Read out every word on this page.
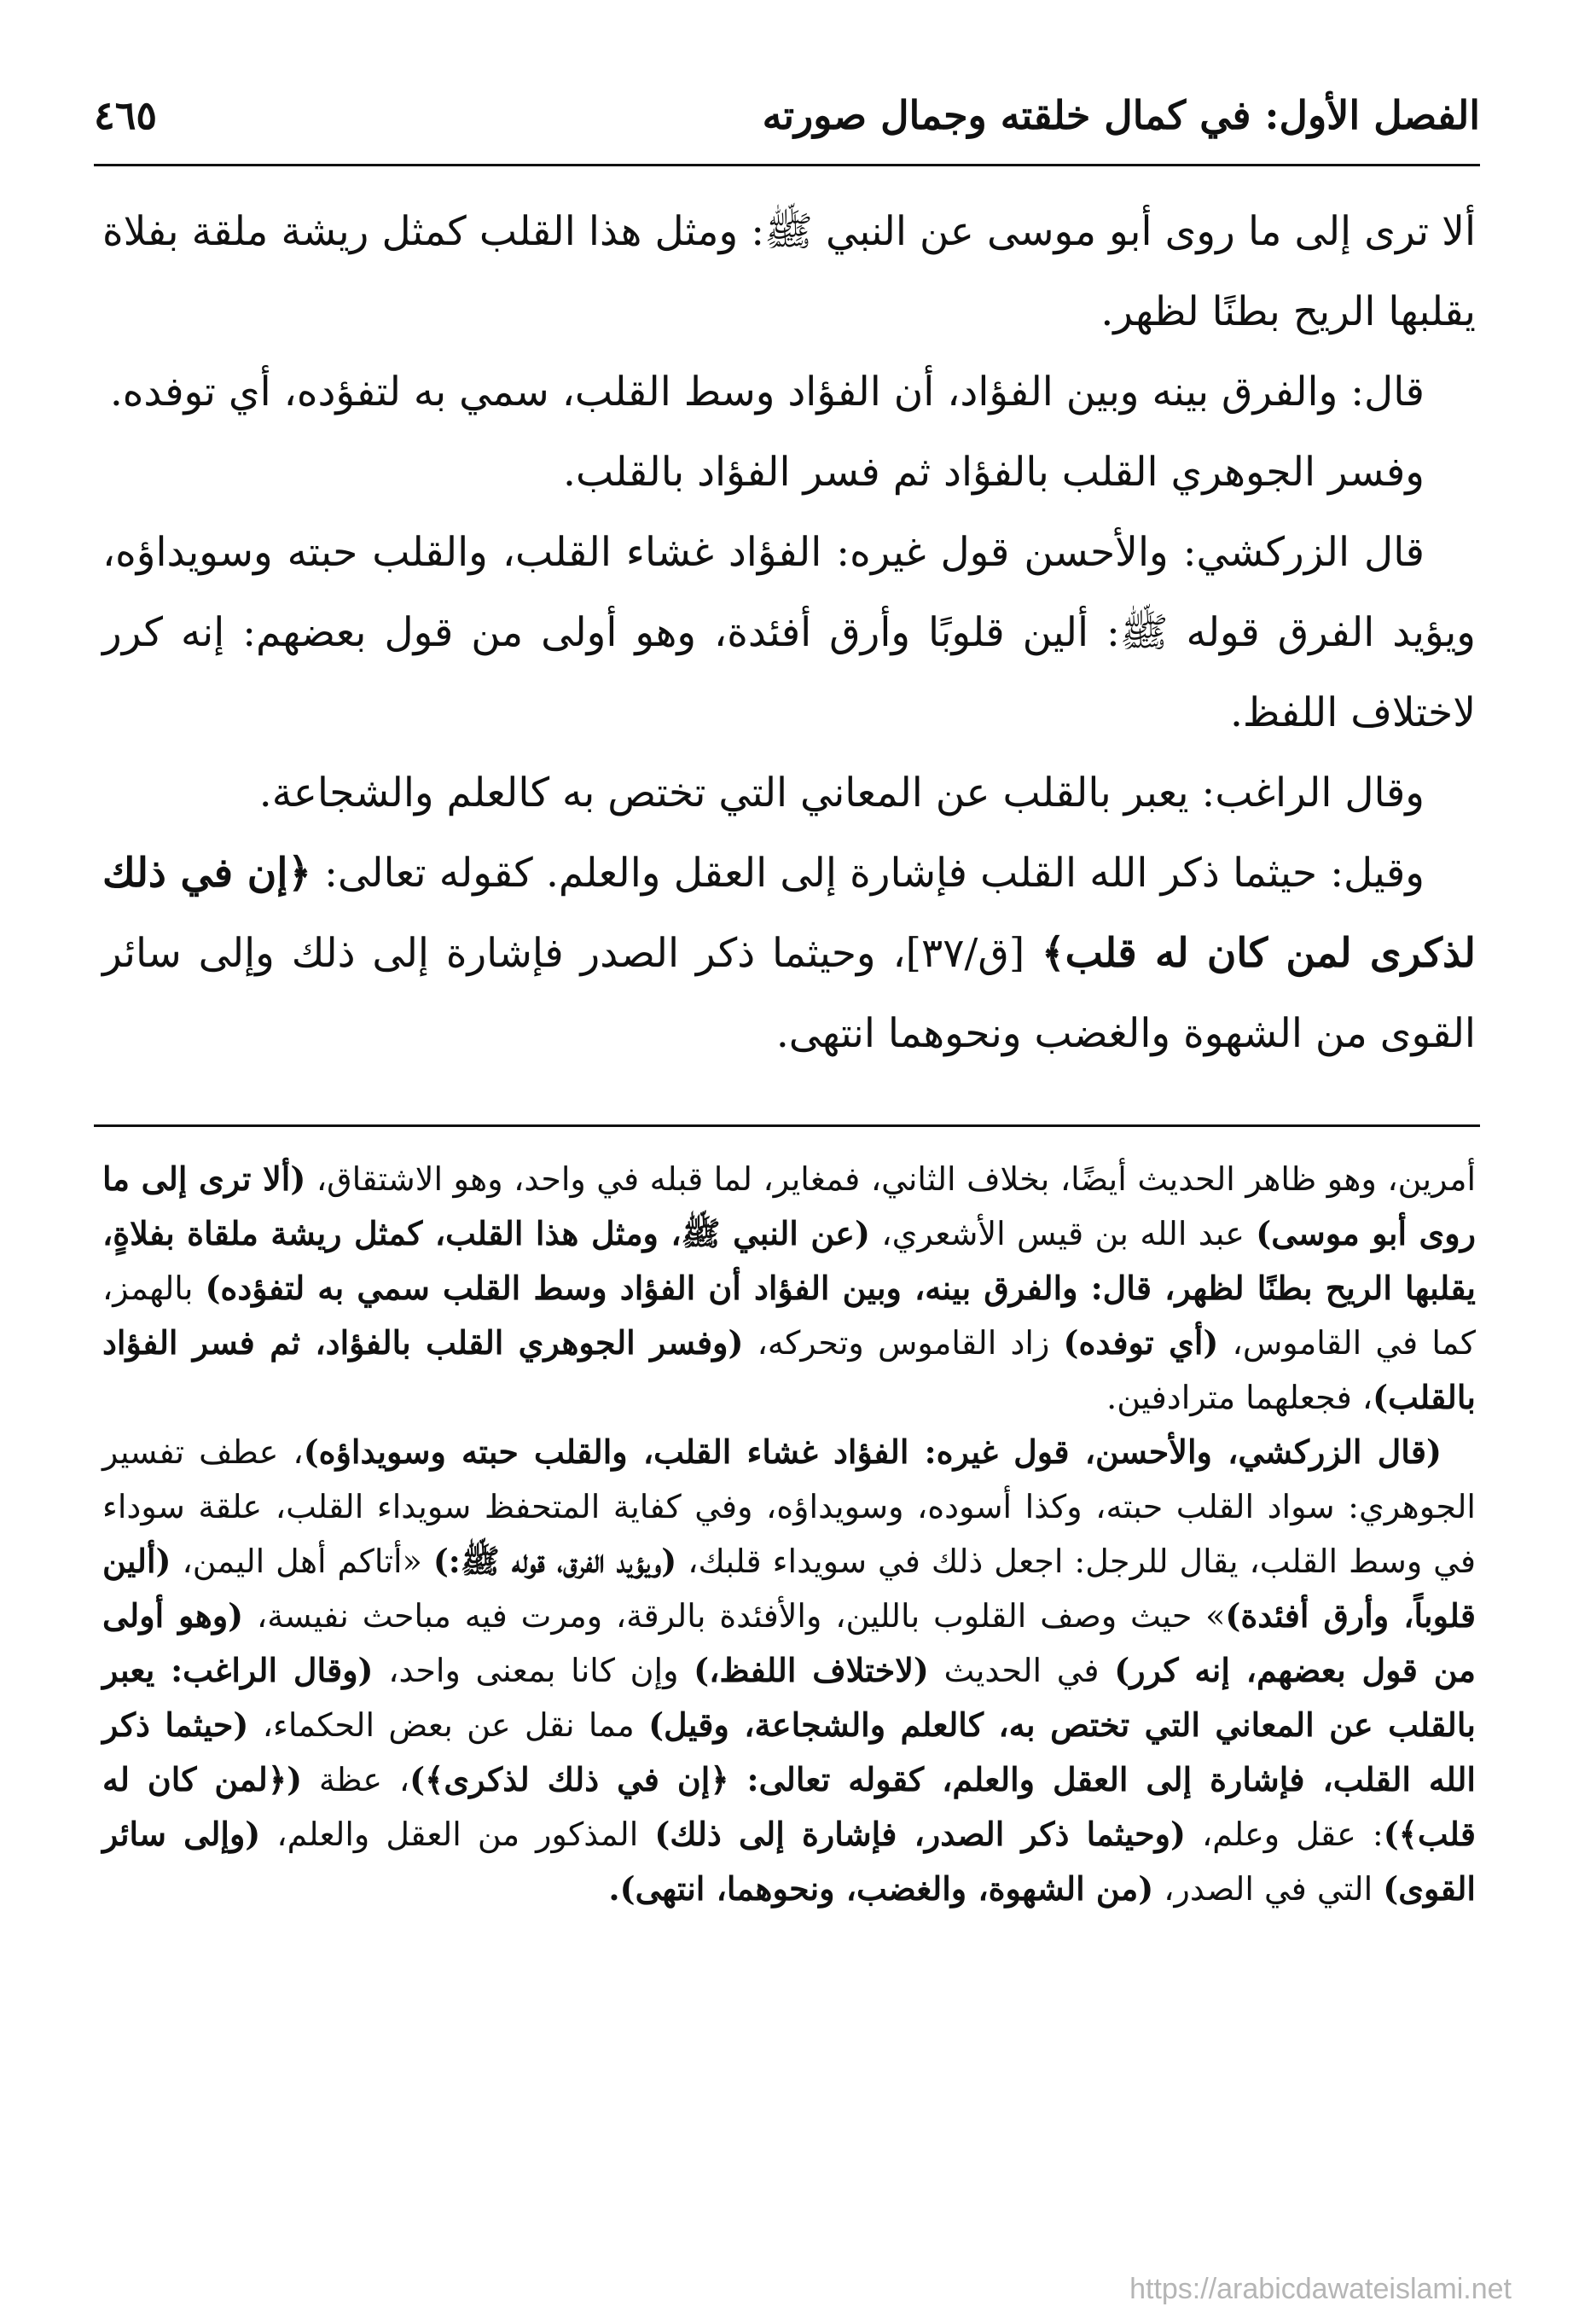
الفصل الأول: في كمال خلقته وجمال صورته
٤٦٥

ألا ترى إلى ما روى أبو موسى عن النبي ﷺ: ومثل هذا القلب كمثل ريشة ملقة بفلاة يقلبها الريح بطنًا لظهر.

قال: والفرق بينه وبين الفؤاد، أن الفؤاد وسط القلب، سمي به لتفؤده، أي توفده.

وفسر الجوهري القلب بالفؤاد ثم فسر الفؤاد بالقلب.

قال الزركشي: والأحسن قول غيره: الفؤاد غشاء القلب، والقلب حبته وسويداؤه، ويؤيد الفرق قوله ﷺ: ألين قلوبًا وأرق أفئدة، وهو أولى من قول بعضهم: إنه كرر لاختلاف اللفظ.

وقال الراغب: يعبر بالقلب عن المعاني التي تختص به كالعلم والشجاعة.

وقيل: حيثما ذكر الله القلب فإشارة إلى العقل والعلم. كقوله تعالى: ﴿إن في ذلك لذكرى لمن كان له قلب﴾ [ق/٣٧]، وحيثما ذكر الصدر فإشارة إلى ذلك وإلى سائر القوى من الشهوة والغضب ونحوهما انتهى.

أمرين، وهو ظاهر الحديث أيضًا، بخلاف الثاني، فمغاير، لما قبله في واحد، وهو الاشتقاق، (ألا ترى إلى ما روى أبو موسى) عبد الله بن قيس الأشعري، (عن النبي ﷺ، ومثل هذا القلب، كمثل ريشة ملقاة بفلاةٍ، يقلبها الريح بطنًا لظهر، قال: والفرق بينه، وبين الفؤاد أن الفؤاد وسط القلب سمي به لتفؤده) بالهمز، كما في القاموس، (أي توفده) زاد القاموس وتحركه، (وفسر الجوهري القلب بالفؤاد، ثم فسر الفؤاد بالقلب)، فجعلهما مترادفين.

(قال الزركشي، والأحسن، قول غيره: الفؤاد غشاء القلب، والقلب حبته وسويداؤه)، عطف تفسير الجوهري: سواد القلب حبته، وكذا أسوده، وسويداؤه، وفي كفاية المتحفظ سويداء القلب، علقة سوداء في وسط القلب، يقال للرجل: اجعل ذلك في سويداء قلبك، (ويؤيد الفرق، قوله ﷺ:) «أتاكم أهل اليمن، (ألين قلوباً، وأرق أفئدة)» حيث وصف القلوب باللين، والأفئدة بالرقة، ومرت فيه مباحث نفيسة، (وهو أولى من قول بعضهم، إنه كرر) في الحديث (لاختلاف اللفظ،) وإن كانا بمعنى واحد، (وقال الراغب: يعبر بالقلب عن المعاني التي تختص به، كالعلم والشجاعة، وقيل) مما نقل عن بعض الحكماء، (حيثما ذكر الله القلب، فإشارة إلى العقل والعلم، كقوله تعالى: ﴿إن في ذلك لذكرى﴾)، عظة (﴿لمن كان له قلب﴾): عقل وعلم، (وحيثما ذكر الصدر، فإشارة إلى ذلك) المذكور من العقل والعلم، (وإلى سائر القوى) التي في الصدر، (من الشهوة، والغضب، ونحوهما، انتهى).

https://arabicdawateislami.net
